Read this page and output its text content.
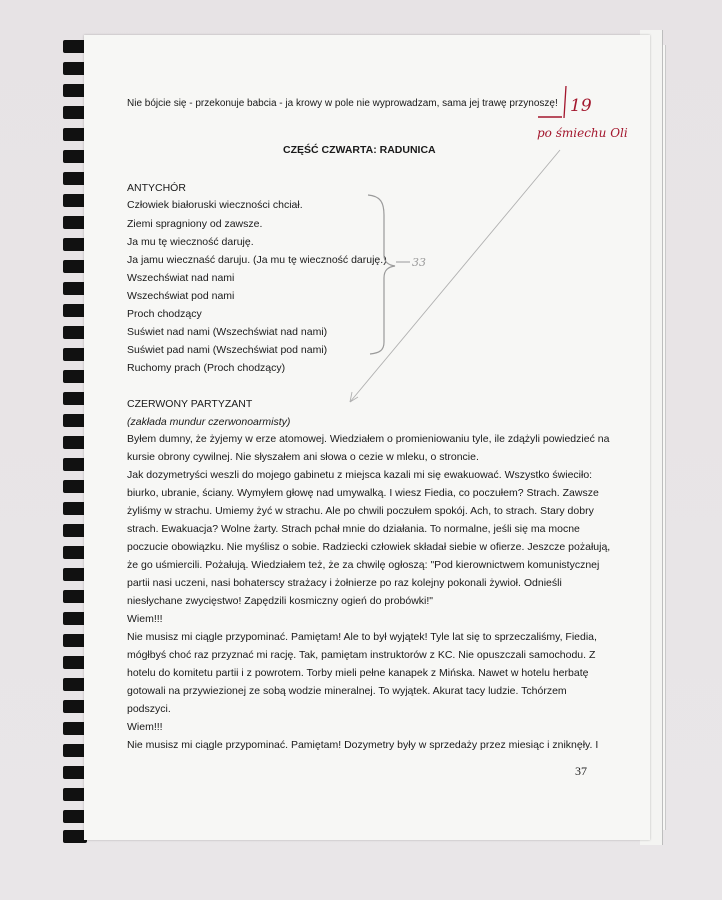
Nie bójcie się - przekonuje babcia - ja krowy w pole nie wyprowadzam, sama jej trawę przynoszę!
CZĘŚĆ CZWARTA: RADUNICA
ANTYCHÓR
Człowiek białoruski wieczności chciał.
Ziemi spragniony od zawsze.
Ja mu tę wieczność daruję.
Ja jamu wiecznaść daruju. (Ja mu tę wieczność daruję.)
Wszechświat nad nami
Wszechświat pod nami
Proch chodzący
Suświet nad nami (Wszechświat nad nami)
Suświet pad nami (Wszechświat pod nami)
Ruchomy prach (Proch chodzący)
CZERWONY PARTYZANT
(zakłada mundur czerwonoarmisty)
Byłem dumny, że żyjemy w erze atomowej. Wiedziałem o promieniowaniu tyle, ile zdążyli powiedzieć na
kursie obrony cywilnej. Nie słyszałem ani słowa o cezie w mleku, o stroncie.
Jak dozymetryści weszli do mojego gabinetu z miejsca kazali mi się ewakuować. Wszystko świeciło:
biurko, ubranie, ściany. Wymyłem głowę nad umywalką. I wiesz Fiedia, co poczułem? Strach. Zawsze
żyliśmy w strachu. Umiemy żyć w strachu. Ale po chwili poczułem spokój. Ach, to strach. Stary dobry
strach. Ewakuacja? Wolne żarty. Strach pchał mnie do działania. To normalne, jeśli się ma mocne
poczucie obowiązku. Nie myślisz o sobie. Radziecki człowiek składał siebie w ofierze. Jeszcze pożałują,
że go uśmiercili. Pożałują. Wiedziałem też, że za chwilę ogłoszą: "Pod kierownictwem komunistycznej
partii nasi uczeni, nasi bohaterscy strażacy i żołnierze po raz kolejny pokonali żywioł. Odnieśli
niesłychane zwycięstwo! Zapędzili kosmiczny ogień do probówki!"
Wiem!!!
Nie musisz mi ciągle przypominać. Pamiętam! Ale to był wyjątek! Tyle lat się to sprzeczaliśmy, Fiedia,
mógłbyś choć raz przyznać mi rację. Tak, pamiętam instruktorów z KC. Nie opuszczali samochodu. Z
hotelu do komitetu partii i z powrotem. Torby mieli pełne kanapek z Mińska. Nawet w hotelu herbatę
gotowali na przywiezionej ze sobą wodzie mineralnej. To wyjątek. Akurat tacy ludzie. Tchórzem
podszyci.
Wiem!!!
Nie musisz mi ciągle przypominać. Pamiętam! Dozymetry były w sprzedaży przez miesiąc i zniknęły. I
37
19
po śmiechu Oli
33
